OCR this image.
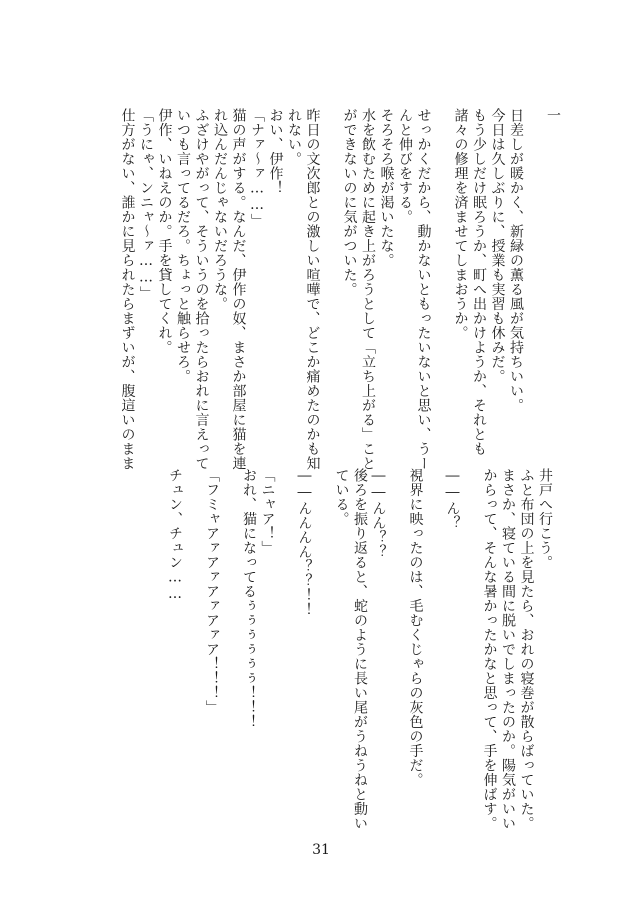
一
日差しが暖かく、新緑の薫る風が気持ちいい。
今日は久しぶりに、授業も実習も休みだ。
もう少しだけ眠ろうか、町へ出かけようか、それとも
諸々の修理を済ませてしまおうか。
せっかくだから、動かないともったいないと思い、うー
んと伸びをする。
そろそろ喉が渇いたな。
水を飲むために起き上がろうとして「立ち上がる」こと
ができないのに気がついた。
昨日の文次郎との激しい喧嘩で、どこか痛めたのかも知
れない。
おい、伊作！
「ナァ〜ァ……」
猫の声がする。なんだ、伊作の奴、まさか部屋に猫を連
れ込んだんじゃないだろうな。
ふざけやがって、そういうのを拾ったらおれに言えって
いつも言ってるだろ。ちょっと触らせろ。
伊作、いねえのか。手を貸してくれ。
「うにゃ、ンニャ〜ァ……」
仕方がない、誰かに見られたらまずいが、腹這いのまま
井戸へ行こう。
ふと布団の上を見たら、おれの寝巻が散らばっていた。
まさか、寝ている間に脱いでしまったのか。陽気がいい
からって、そんな暑かったかなと思って、手を伸ばす。
――ん？
視界に映ったのは、毛むくじゃらの灰色の手だ。
――んん？？
後ろを振り返ると、蛇のように長い尾がうねうねと動い
ている。
――んんんん？？！！
「ニャア！」
おれ、猫になってるぅぅぅぅぅぅ！！！
「フミャアァアァアァアァア！！！」
チュン、チュン……
31
